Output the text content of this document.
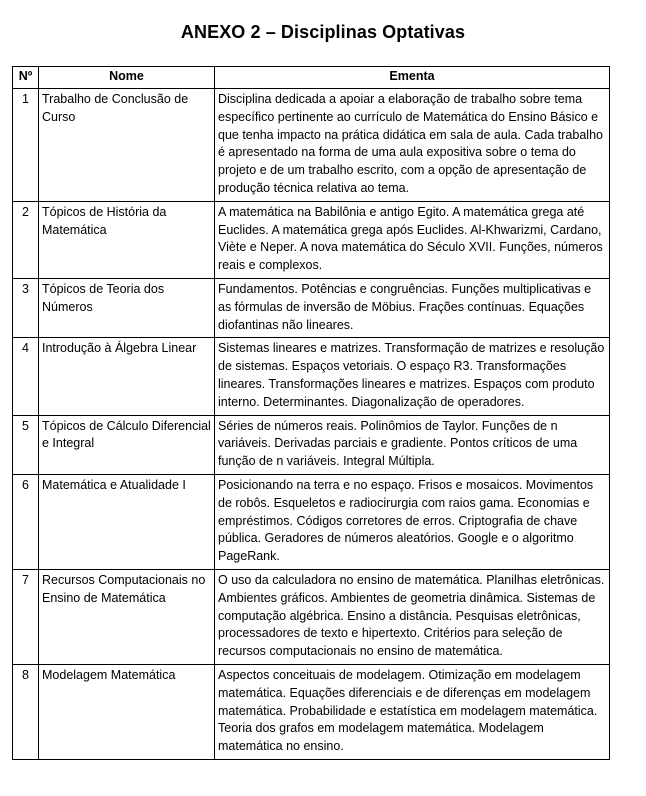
ANEXO 2 – Disciplinas Optativas
Nº	Nome	Ementa
1	Trabalho de Conclusão de Curso	Disciplina dedicada a apoiar a elaboração de trabalho sobre tema específico pertinente ao currículo de Matemática do Ensino Básico e que tenha impacto na prática didática em sala de aula. Cada trabalho é apresentado na forma de uma aula expositiva sobre o tema do projeto e de um trabalho escrito, com a opção de apresentação de produção técnica relativa ao tema.
2	Tópicos de História da Matemática	A matemática na Babilônia e antigo Egito. A matemática grega até Euclides. A matemática grega após Euclides. Al-Khwarizmi, Cardano, Viète e Neper. A nova matemática do Século XVII. Funções, números reais e complexos.
3	Tópicos de Teoria dos Números	Fundamentos. Potências e congruências. Funções multiplicativas e as fórmulas de inversão de Möbius. Frações contínuas. Equações diofantinas não lineares.
4	Introdução à Álgebra Linear	Sistemas lineares e matrizes. Transformação de matrizes e resolução de sistemas. Espaços vetoriais. O espaço R3. Transformações lineares. Transformações lineares e matrizes. Espaços com produto interno. Determinantes. Diagonalização de operadores.
5	Tópicos de Cálculo Diferencial e Integral	Séries de números reais. Polinômios de Taylor. Funções de n variáveis. Derivadas parciais e gradiente. Pontos críticos de uma função de n variáveis. Integral Múltipla.
6	Matemática e Atualidade I	Posicionando na terra e no espaço. Frisos e mosaicos. Movimentos de robôs. Esqueletos e radiocirurgia com raios gama. Economias e empréstimos. Códigos corretores de erros. Criptografia de chave pública. Geradores de números aleatórios. Google e o algoritmo PageRank.
7	Recursos Computacionais no Ensino de Matemática	O uso da calculadora no ensino de matemática. Planilhas eletrônicas. Ambientes gráficos. Ambientes de geometria dinâmica. Sistemas de computação algébrica. Ensino a distância. Pesquisas eletrônicas, processadores de texto e hipertexto. Critérios para seleção de recursos computacionais no ensino de matemática.
8	Modelagem Matemática	Aspectos conceituais de modelagem. Otimização em modelagem matemática. Equações diferenciais e de diferenças em modelagem matemática. Probabilidade e estatística em modelagem matemática. Teoria dos grafos em modelagem matemática. Modelagem matemática no ensino.
